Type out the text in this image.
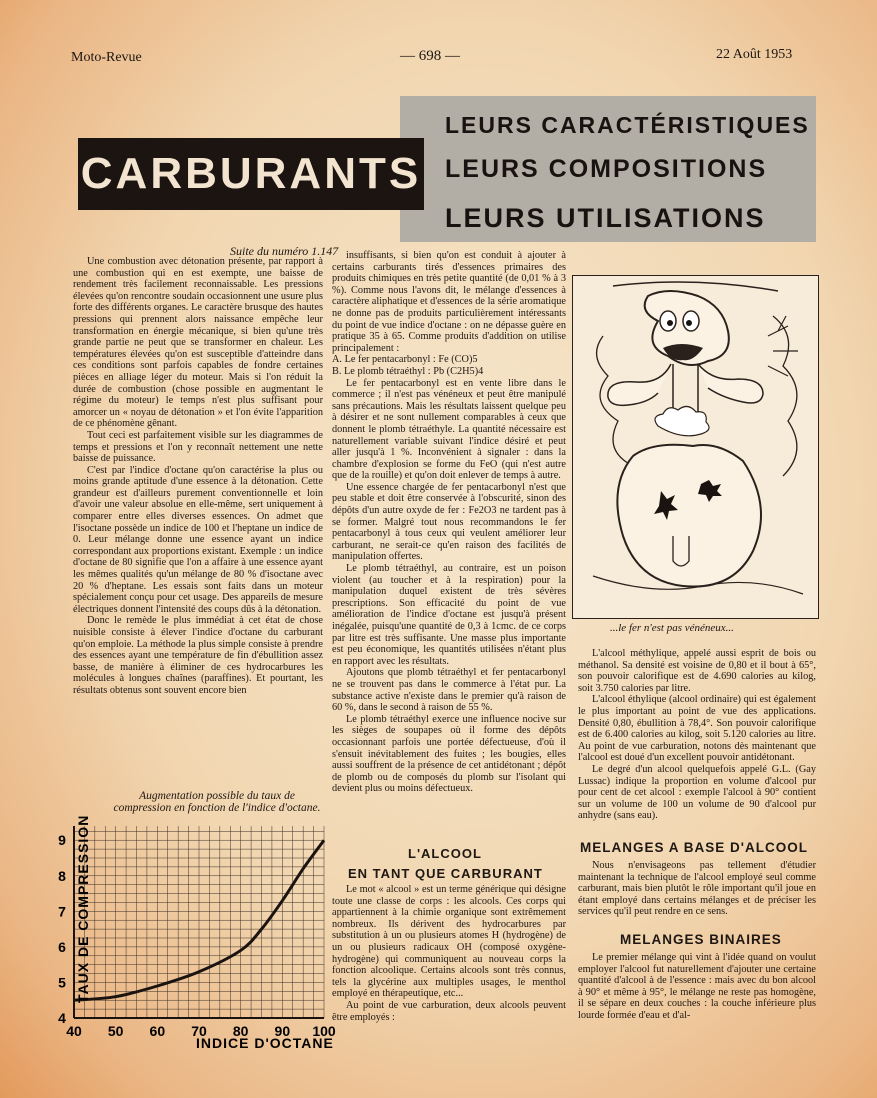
Moto-Revue	— 698 —	22 Août 1953
CARBURANTS
LEURS CARACTÉRISTIQUES
LEURS COMPOSITIONS
LEURS UTILISATIONS
Suite du numéro 1.147

Une combustion avec détonation présente, par rapport à une combustion qui en est exempte, une baisse de rendement très facilement reconnaissable. Les pressions élevées qu'on rencontre soudain occasionnent une usure plus forte des différents organes. Le caractère brusque des hautes pressions qui prennent alors naissance empêche leur transformation en énergie mécanique, si bien qu'une très grande partie ne peut que se transformer en chaleur. Les températures élevées qu'on est susceptible d'atteindre dans ces conditions sont parfois capables de fondre certaines pièces en alliage léger du moteur. Mais si l'on réduit la durée de combustion (chose possible en augmentant le régime du moteur) le temps n'est plus suffisant pour amorcer un « noyau de détonation » et l'on évite l'apparition de ce phénomène gênant.

Tout ceci est parfaitement visible sur les diagrammes de temps et pressions et l'on y reconnaît nettement une nette baisse de puissance.

C'est par l'indice d'octane qu'on caractérise la plus ou moins grande aptitude d'une essence à la détonation. Cette grandeur est d'ailleurs purement conventionnelle et loin d'avoir une valeur absolue en elle-même, sert uniquement à comparer entre elles diverses essences. On admet que l'isoctane possède un indice de 100 et l'heptane un indice de 0. Leur mélange donne une essence ayant un indice correspondant aux proportions existant. Exemple : un indice d'octane de 80 signifie que l'on a affaire à une essence ayant les mêmes qualités qu'un mélange de 80 % d'isoctane avec 20 % d'heptane. Les essais sont faits dans un moteur spécialement conçu pour cet usage. Des appareils de mesure électriques donnent l'intensité des coups dûs à la détonation.

Donc le remède le plus immédiat à cet état de chose nuisible consiste à élever l'indice d'octane du carburant qu'on emploie. La méthode la plus simple consiste à prendre des essences ayant une température de fin d'ébullition assez basse, de manière à éliminer de ces hydrocarbures les molécules à longues chaînes (paraffines). Et pourtant, les résultats obtenus sont souvent encore bien

Augmentation possible du taux de compression en fonction de l'indice d'octane.
40 50 60 70 80 90 100
4
5
6
7
8
9 TAUX DE COMPRESSION
INDICE D'OCTANE

insuffisants, si bien qu'on est conduit à ajouter à certains carburants tirés d'essences primaires des produits chimiques en très petite quantité (de 0,01 % à 3 %). Comme nous l'avons dit, le mélange d'essences à caractère aliphatique et d'essences de la série aromatique ne donne pas de produits particulièrement intéressants du point de vue indice d'octane : on ne dépasse guère en pratique 35 à 65. Comme produits d'addition on utilise principalement :

A. Le fer pentacarbonyl : Fe (CO)5

B. Le plomb tétraéthyl : Pb (C2H5)4

Le fer pentacarbonyl est en vente libre dans le commerce ; il n'est pas vénéneux et peut être manipulé sans précautions. Mais les résultats laissent quelque peu à désirer et ne sont nullement comparables à ceux que donnent le plomb tétraéthyle. La quantité nécessaire est naturellement variable suivant l'indice désiré et peut aller jusqu'à 1 %. Inconvénient à signaler : dans la chambre d'explosion se forme du FeO (qui n'est autre que de la rouille) et qu'on doit enlever de temps à autre.

Une essence chargée de fer pentacarbonyl n'est que peu stable et doit être conservée à l'obscurité, sinon des dépôts d'un autre oxyde de fer : Fe2O3 ne tardent pas à se former. Malgré tout nous recommandons le fer pentacarbonyl à tous ceux qui veulent améliorer leur carburant, ne serait-ce qu'en raison des facilités de manipulation offertes.

Le plomb tétraéthyl, au contraire, est un poison violent (au toucher et à la respiration) pour la manipulation duquel existent de très sévères prescriptions. Son efficacité du point de vue amélioration de l'indice d'octane est jusqu'à présent inégalée, puisqu'une quantité de 0,3 à 1cmc. de ce corps par litre est très suffisante. Une masse plus importante est peu économique, les quantités utilisées n'étant plus en rapport avec les résultats.

Ajoutons que plomb tétraéthyl et fer pentacarbonyl ne se trouvent pas dans le commerce à l'état pur. La substance active n'existe dans le premier qu'à raison de 60 %, dans le second à raison de 55 %.

Le plomb tétraéthyl exerce une influence nocive sur les sièges de soupapes où il forme des dépôts occasionnant parfois une portée défectueuse, d'où il s'ensuit inévitablement des fuites ; les bougies, elles aussi souffrent de la présence de cet antidétonant ; dépôt de plomb ou de composés du plomb sur l'isolant qui devient plus ou moins défectueux.

L'ALCOOL
EN TANT QUE CARBURANT

Le mot « alcool » est un terme générique qui désigne toute une classe de corps : les alcools. Ces corps qui appartiennent à la chimie organique sont extrêmement nombreux. Ils dérivent des hydrocarbures par substitution à un ou plusieurs atomes H (hydrogène) de un ou plusieurs radicaux OH (composé oxygène-hydrogène) qui communiquent au nouveau corps la fonction alcoolique. Certains alcools sont très connus, tels la glycérine aux multiples usages, le menthol employé en thérapeutique, etc...

Au point de vue carburation, deux alcools peuvent être employés :

...le fer n'est pas vénéneux...

L'alcool méthylique, appelé aussi esprit de bois ou méthanol. Sa densité est voisine de 0,80 et il bout à 65°, son pouvoir calorifique est de 4.690 calories au kilog, soit 3.750 calories par litre.

L'alcool éthylique (alcool ordinaire) qui est également le plus important au point de vue des applications. Densité 0,80, ébullition à 78,4°. Son pouvoir calorifique est de 6.400 calories au kilog, soit 5.120 calories au litre. Au point de vue carburation, notons dès maintenant que l'alcool est doué d'un excellent pouvoir antidétonant.

Le degré d'un alcool quelquefois appelé G.L. (Gay Lussac) indique la proportion en volume d'alcool pur pour cent de cet alcool : exemple l'alcool à 90° contient sur un volume de 100 un volume de 90 d'alcool pur anhydre (sans eau).

MELANGES A BASE D'ALCOOL

Nous n'envisageons pas tellement d'étudier maintenant la technique de l'alcool employé seul comme carburant, mais bien plutôt le rôle important qu'il joue en étant employé dans certains mélanges et de préciser les services qu'il peut rendre en ce sens.

MELANGES BINAIRES

Le premier mélange qui vint à l'idée quand on voulut employer l'alcool fut naturellement d'ajouter une certaine quantité d'alcool à de l'essence : mais avec du bon alcool à 90° et même à 95°, le mélange ne reste pas homogène, il se sépare en deux couches : la couche inférieure plus lourde formée d'eau et d'al-
